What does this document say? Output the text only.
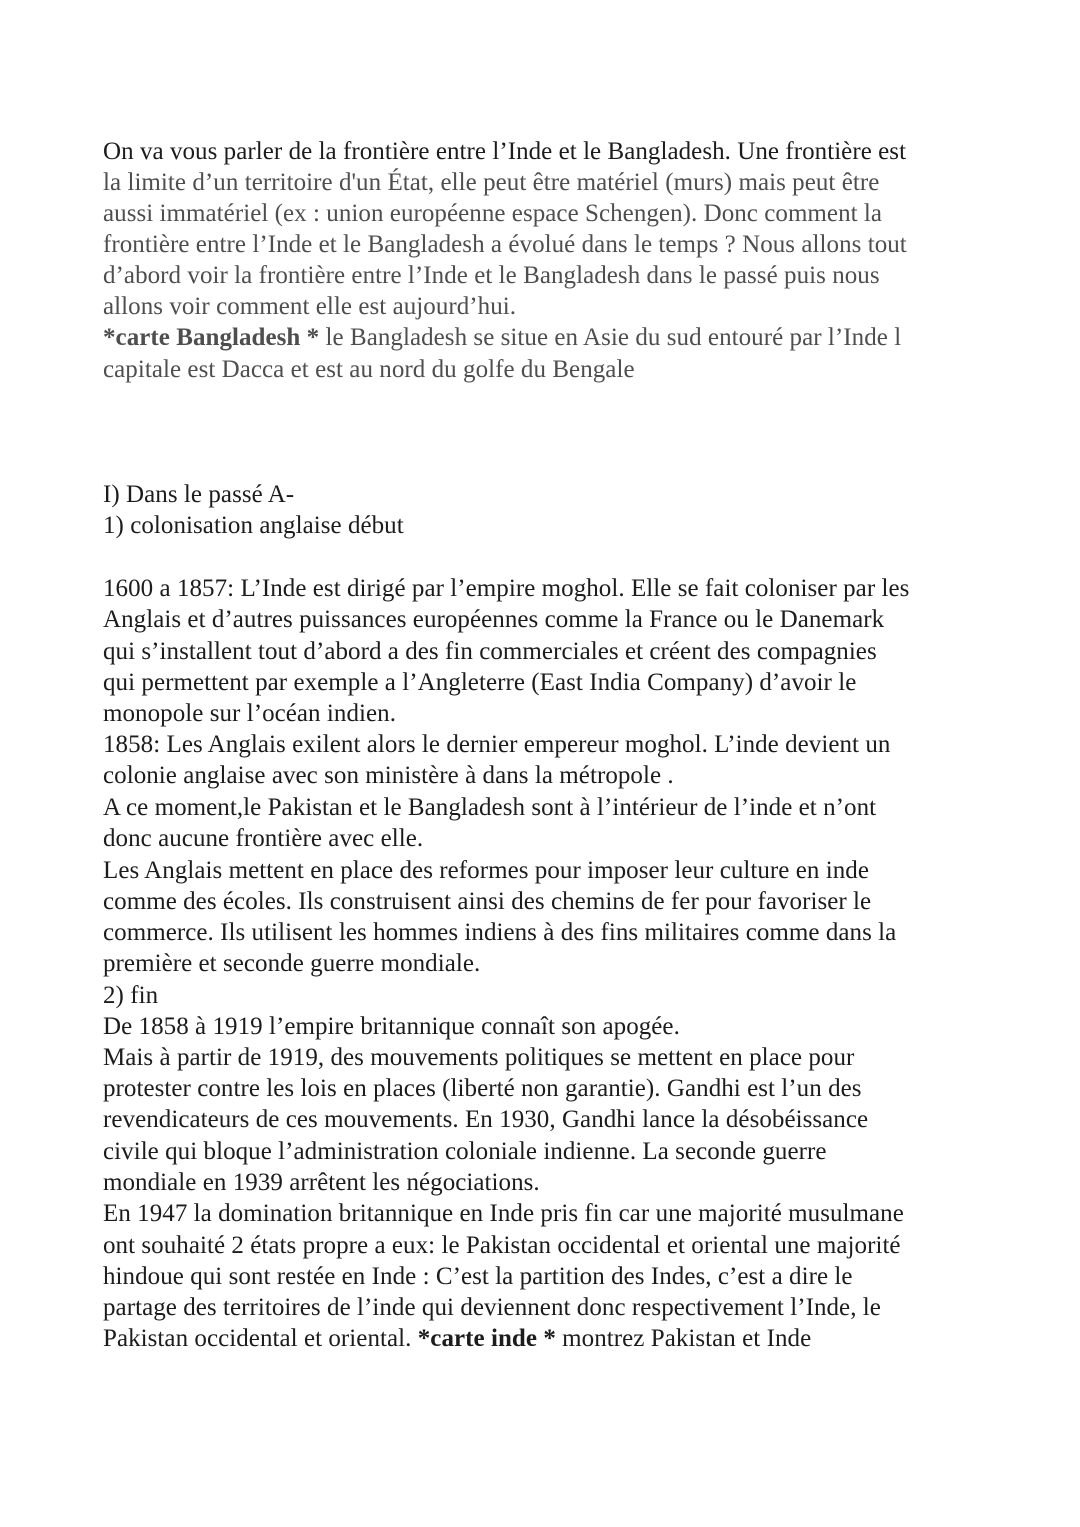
On va vous parler de la frontière entre l’Inde et le Bangladesh. Une frontière est

la limite d’un territoire d'un État, elle peut être matériel (murs) mais peut être

aussi immatériel (ex : union européenne espace Schengen). Donc comment la

frontière entre l’Inde et le Bangladesh a évolué dans le temps ? Nous allons tout

d’abord voir la frontière entre l’Inde et le Bangladesh dans le passé puis nous

allons voir comment elle est aujourd’hui.

*carte Bangladesh * le Bangladesh se situe en Asie du sud entouré par l’Inde l

capitale est Dacca et est au nord du golfe du Bengale

I) Dans le passé A-

1) colonisation anglaise début

1600 a 1857: L’Inde est dirigé par l’empire moghol. Elle se fait coloniser par les

Anglais et d’autres puissances européennes comme la France ou le Danemark

qui s’installent tout d’abord a des fin commerciales et créent des compagnies

qui permettent par exemple a l’Angleterre (East India Company) d’avoir le

monopole sur l’océan indien.

1858: Les Anglais exilent alors le dernier empereur moghol. L’inde devient un

colonie anglaise avec son ministère à dans la métropole .

A ce moment,le Pakistan et le Bangladesh sont à l’intérieur de l’inde et n’ont

donc aucune frontière avec elle.

Les Anglais mettent en place des reformes pour imposer leur culture en inde

comme des écoles. Ils construisent ainsi des chemins de fer pour favoriser le

commerce. Ils utilisent les hommes indiens à des fins militaires comme dans la

première et seconde guerre mondiale.

2) fin

De 1858 à 1919 l’empire britannique connaît son apogée.

Mais à partir de 1919, des mouvements politiques se mettent en place pour

protester contre les lois en places (liberté non garantie). Gandhi est l’un des

revendicateurs de ces mouvements. En 1930, Gandhi lance la désobéissance

civile qui bloque l’administration coloniale indienne. La seconde guerre

mondiale en 1939 arrêtent les négociations.

En 1947 la domination britannique en Inde pris fin car une majorité musulmane

ont souhaité 2 états propre a eux: le Pakistan occidental et oriental une majorité

hindoue qui sont restée en Inde : C’est la partition des Indes, c’est a dire le

partage des territoires de l’inde qui deviennent donc respectivement l’Inde, le

Pakistan occidental et oriental. *carte inde * montrez Pakistan et Inde
